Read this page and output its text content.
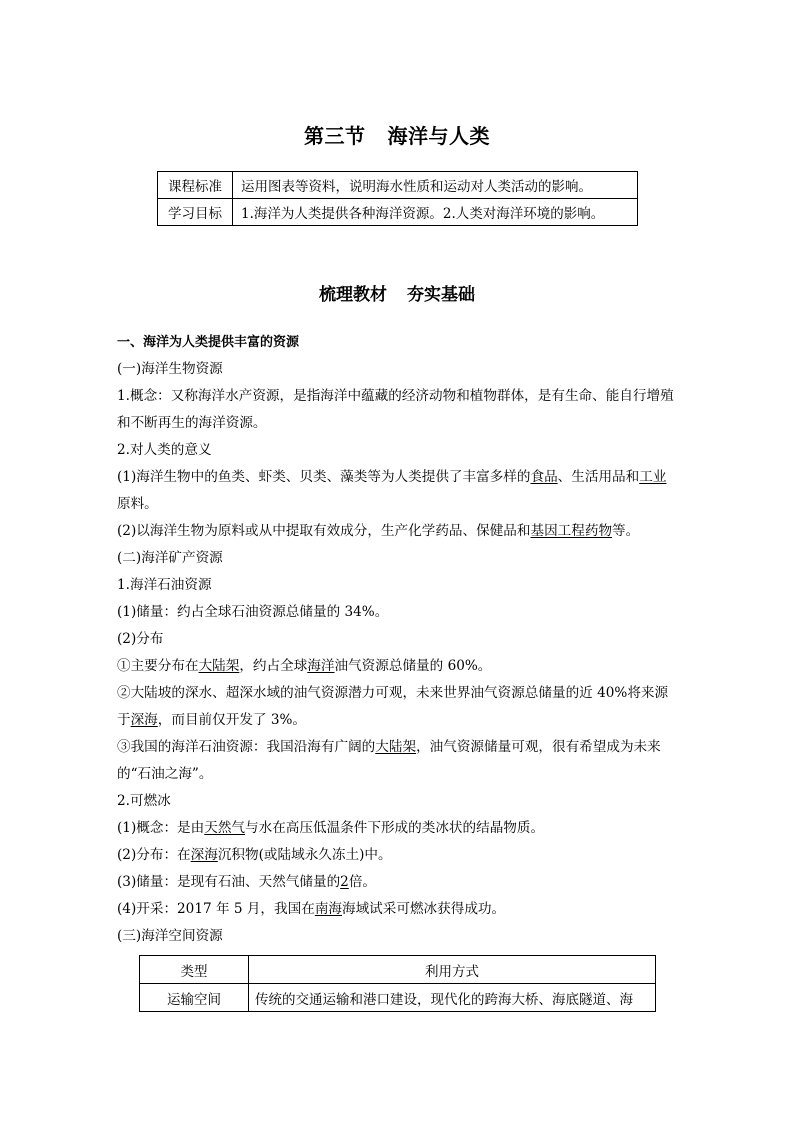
第三节 海洋与人类
课程标准	运用图表等资料，说明海水性质和运动对人类活动的影响。
学习目标	1.海洋为人类提供各种海洋资源。2.人类对海洋环境的影响。
梳理教材 夯实基础

一、海洋为人类提供丰富的资源

(一)海洋生物资源

1.概念：又称海洋水产资源，是指海洋中蕴藏的经济动物和植物群体，是有生命、能自行增殖和不断再生的海洋资源。

2.对人类的意义

(1)海洋生物中的鱼类、虾类、贝类、藻类等为人类提供了丰富多样的食品、生活用品和工业原料。

(2)以海洋生物为原料或从中提取有效成分，生产化学药品、保健品和基因工程药物等。

(二)海洋矿产资源

1.海洋石油资源

(1)储量：约占全球石油资源总储量的 34%。

(2)分布

①主要分布在大陆架，约占全球海洋油气资源总储量的 60%。

②大陆坡的深水、超深水域的油气资源潜力可观，未来世界油气资源总储量的近 40%将来源于深海，而目前仅开发了 3%。

③我国的海洋石油资源：我国沿海有广阔的大陆架，油气资源储量可观，很有希望成为未来的“石油之海”。

2.可燃冰

(1)概念：是由天然气与水在高压低温条件下形成的类冰状的结晶物质。

(2)分布：在深海沉积物(或陆域永久冻土)中。

(3)储量：是现有石油、天然气储量的2倍。

(4)开采：2017 年 5 月，我国在南海海域试采可燃冰获得成功。

(三)海洋空间资源

类型	利用方式
运输空间	传统的交通运输和港口建设，现代化的跨海大桥、海底隧道、海
